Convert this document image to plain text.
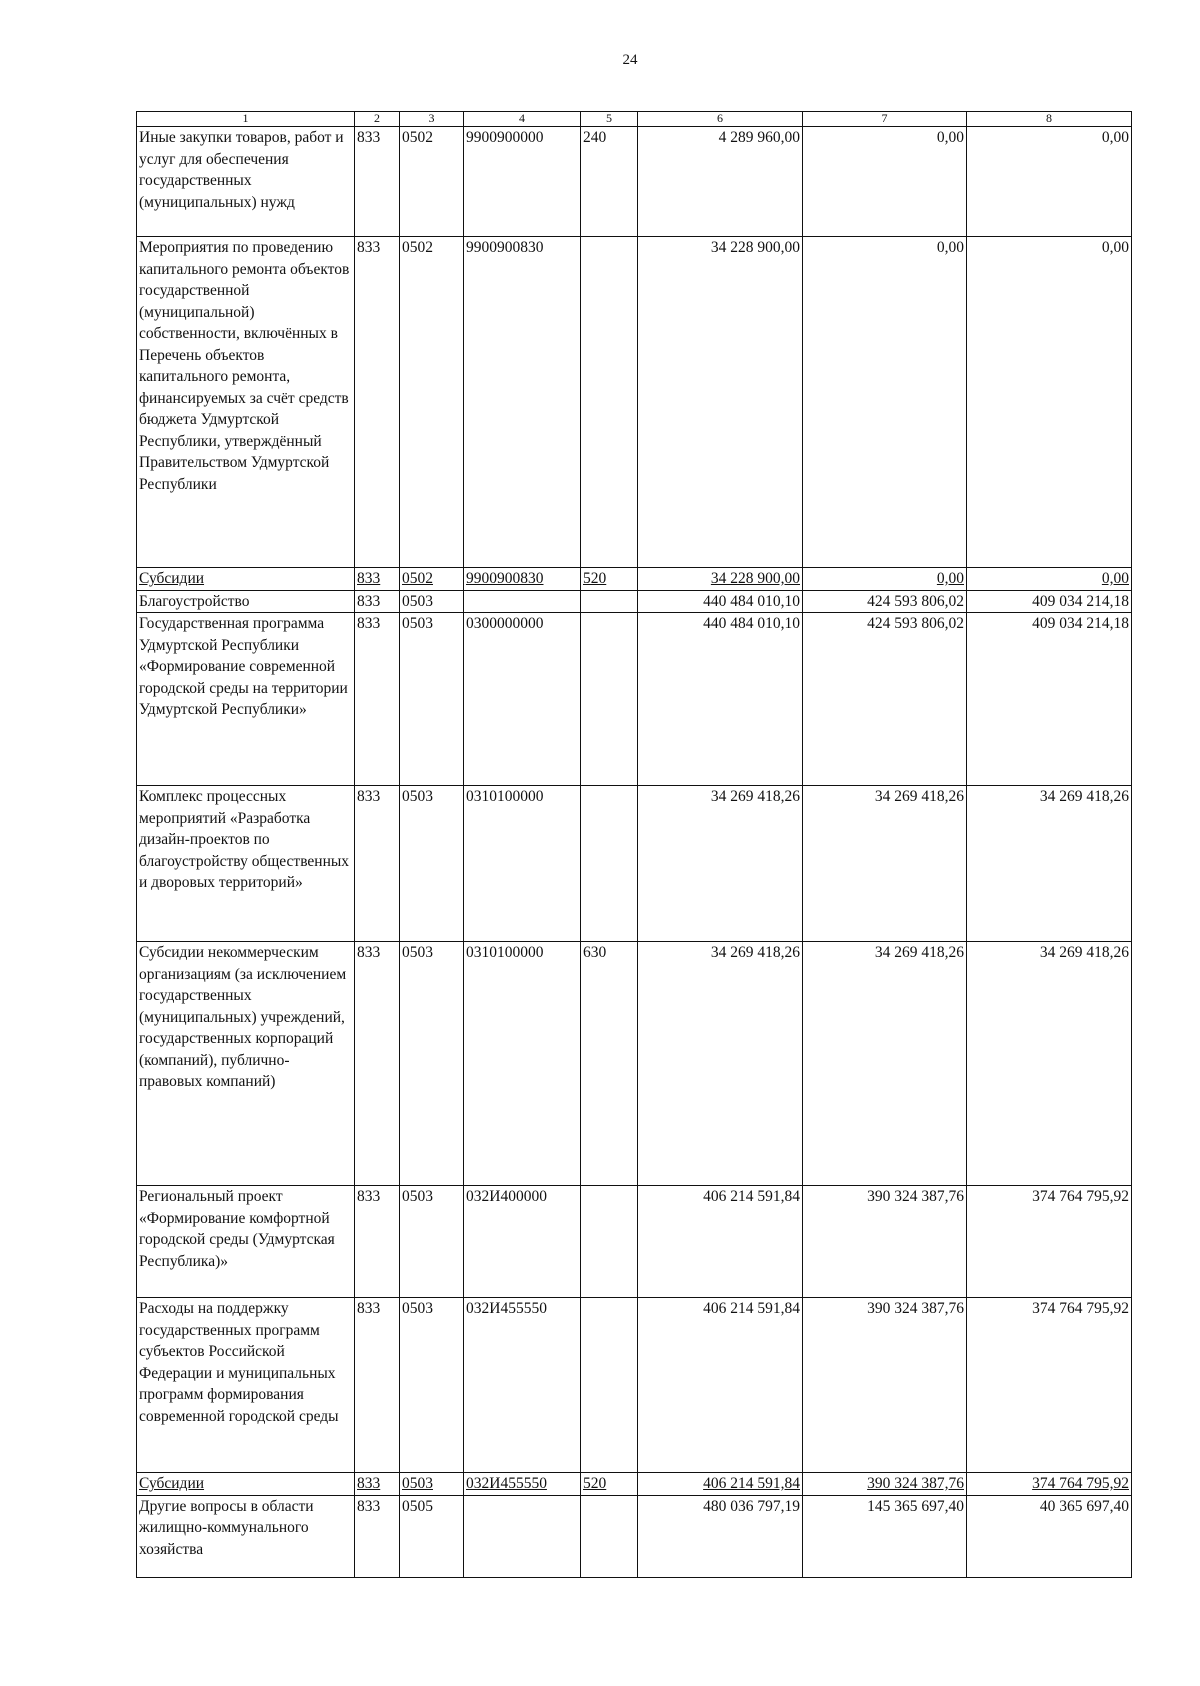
24
1	2	3	4	5	6	7	8
Иные закупки товаров, работ и услуг для обеспечения государственных (муниципальных) нужд	833	0502	9900900000	240	4 289 960,00	0,00	0,00
Мероприятия по проведению капитального ремонта объектов государственной (муниципальной) собственности, включённых в Перечень объектов капитального ремонта, финансируемых за счёт средств бюджета Удмуртской Республики, утверждённый Правительством Удмуртской Республики	833	0502	9900900830		34 228 900,00	0,00	0,00
Субсидии	833	0502	9900900830	520	34 228 900,00	0,00	0,00
Благоустройство	833	0503			440 484 010,10	424 593 806,02	409 034 214,18
Государственная программа Удмуртской Республики «Формирование современной городской среды на территории Удмуртской Республики»	833	0503	0300000000		440 484 010,10	424 593 806,02	409 034 214,18
Комплекс процессных мероприятий «Разработка дизайн-проектов по благоустройству общественных и дворовых территорий»	833	0503	0310100000		34 269 418,26	34 269 418,26	34 269 418,26
Субсидии некоммерческим организациям (за исключением государственных (муниципальных) учреждений, государственных корпораций (компаний), публично-правовых компаний)	833	0503	0310100000	630	34 269 418,26	34 269 418,26	34 269 418,26
Региональный проект «Формирование комфортной городской среды (Удмуртская Республика)»	833	0503	032И400000		406 214 591,84	390 324 387,76	374 764 795,92
Расходы на поддержку государственных программ субъектов Российской Федерации и муниципальных программ формирования современной городской среды	833	0503	032И455550		406 214 591,84	390 324 387,76	374 764 795,92
Субсидии	833	0503	032И455550	520	406 214 591,84	390 324 387,76	374 764 795,92
Другие вопросы в области жилищно-коммунального хозяйства	833	0505			480 036 797,19	145 365 697,40	40 365 697,40
